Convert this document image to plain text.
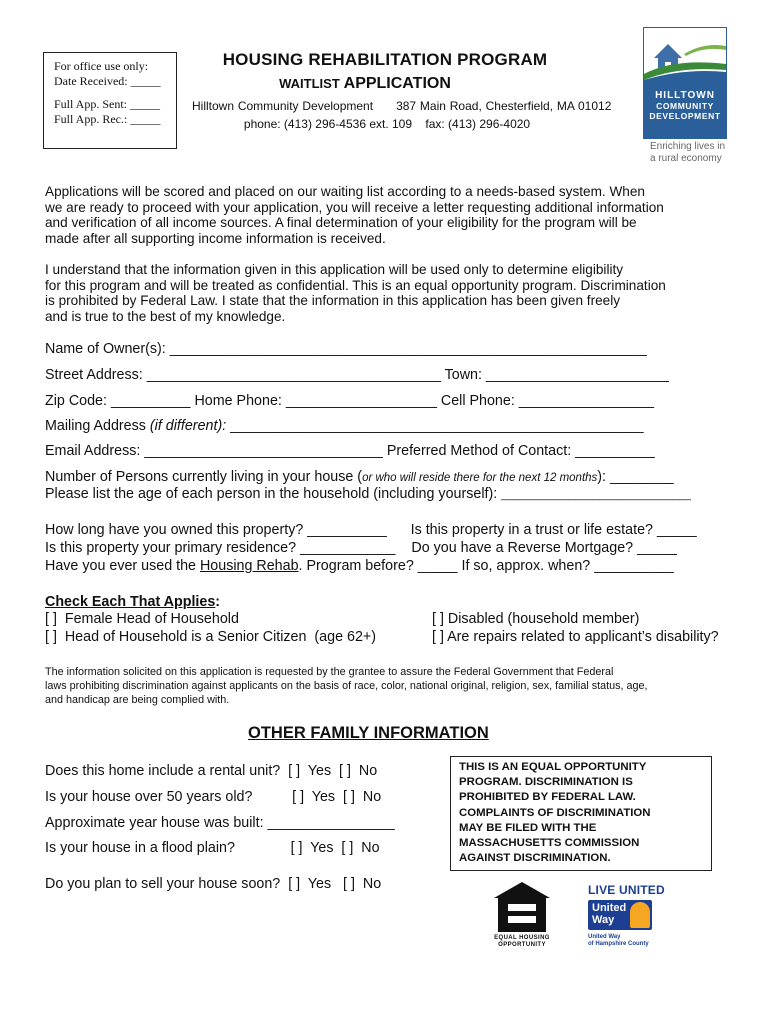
For office use only:
Date Received: _____
Full App. Sent: _____
Full App. Rec.: _____
HOUSING REHABILITATION PROGRAM
WAITLIST APPLICATION
Hilltown Community Development      387 Main Road, Chesterfield, MA 01012
phone: (413) 296-4536 ext. 109    fax: (413) 296-4020
HILLTOWN
COMMUNITY
DEVELOPMENT
Enriching lives in
a rural economy
Applications will be scored and placed on our waiting list according to a needs-based system. When
we are ready to proceed with your application, you will receive a letter requesting additional information
and verification of all income sources. A final determination of your eligibility for the program will be
made after all supporting income information is received.
I understand that the information given in this application will be used only to determine eligibility
for this program and will be treated as confidential. This is an equal opportunity program. Discrimination
is prohibited by Federal Law. I state that the information in this application has been given freely
and is true to the best of my knowledge.
Name of Owner(s): ____________________________________________________________
Street Address: _____________________________________ Town: _______________________
Zip Code: __________ Home Phone: ___________________ Cell Phone: _________________
Mailing Address (if different): ____________________________________________________
Email Address: ______________________________ Preferred Method of Contact: __________
Number of Persons currently living in your house (or who will reside there for the next 12 months): ________
Please list the age of each person in the household (including yourself): _______________________________
How long have you owned this property? __________      Is this property in a trust or life estate? _____
Is this property your primary residence? ____________    Do you have a Reverse Mortgage? _____
Have you ever used the Housing Rehab. Program before? _____ If so, approx. when? __________
Check Each That Applies:
[ ]  Female Head of Household
[ ]  Head of Household is a Senior Citizen  (age 62+)
[ ] Disabled (household member)
[ ] Are repairs related to applicant’s disability?
The information solicited on this application is requested by the grantee to assure the Federal Government that Federal
laws prohibiting discrimination against applicants on the basis of race, color, national original, religion, sex, familial status, age,
and handicap are being complied with.
OTHER FAMILY INFORMATION
Does this home include a rental unit?  [ ]  Yes  [ ]  No
Is your house over 50 years old?          [ ]  Yes  [ ]  No
Approximate year house was built: ________________
Is your house in a flood plain?              [ ]  Yes  [ ]  No
Do you plan to sell your house soon?  [ ]  Yes   [ ]  No
THIS IS AN EQUAL OPPORTUNITY
PROGRAM. DISCRIMINATION IS
PROHIBITED BY FEDERAL LAW.
COMPLAINTS OF DISCRIMINATION
MAY BE FILED WITH THE
MASSACHUSETTS COMMISSION
AGAINST DISCRIMINATION.
EQUAL HOUSING
OPPORTUNITY
LIVE UNITED
United
Way
United Way
of Hampshire County
